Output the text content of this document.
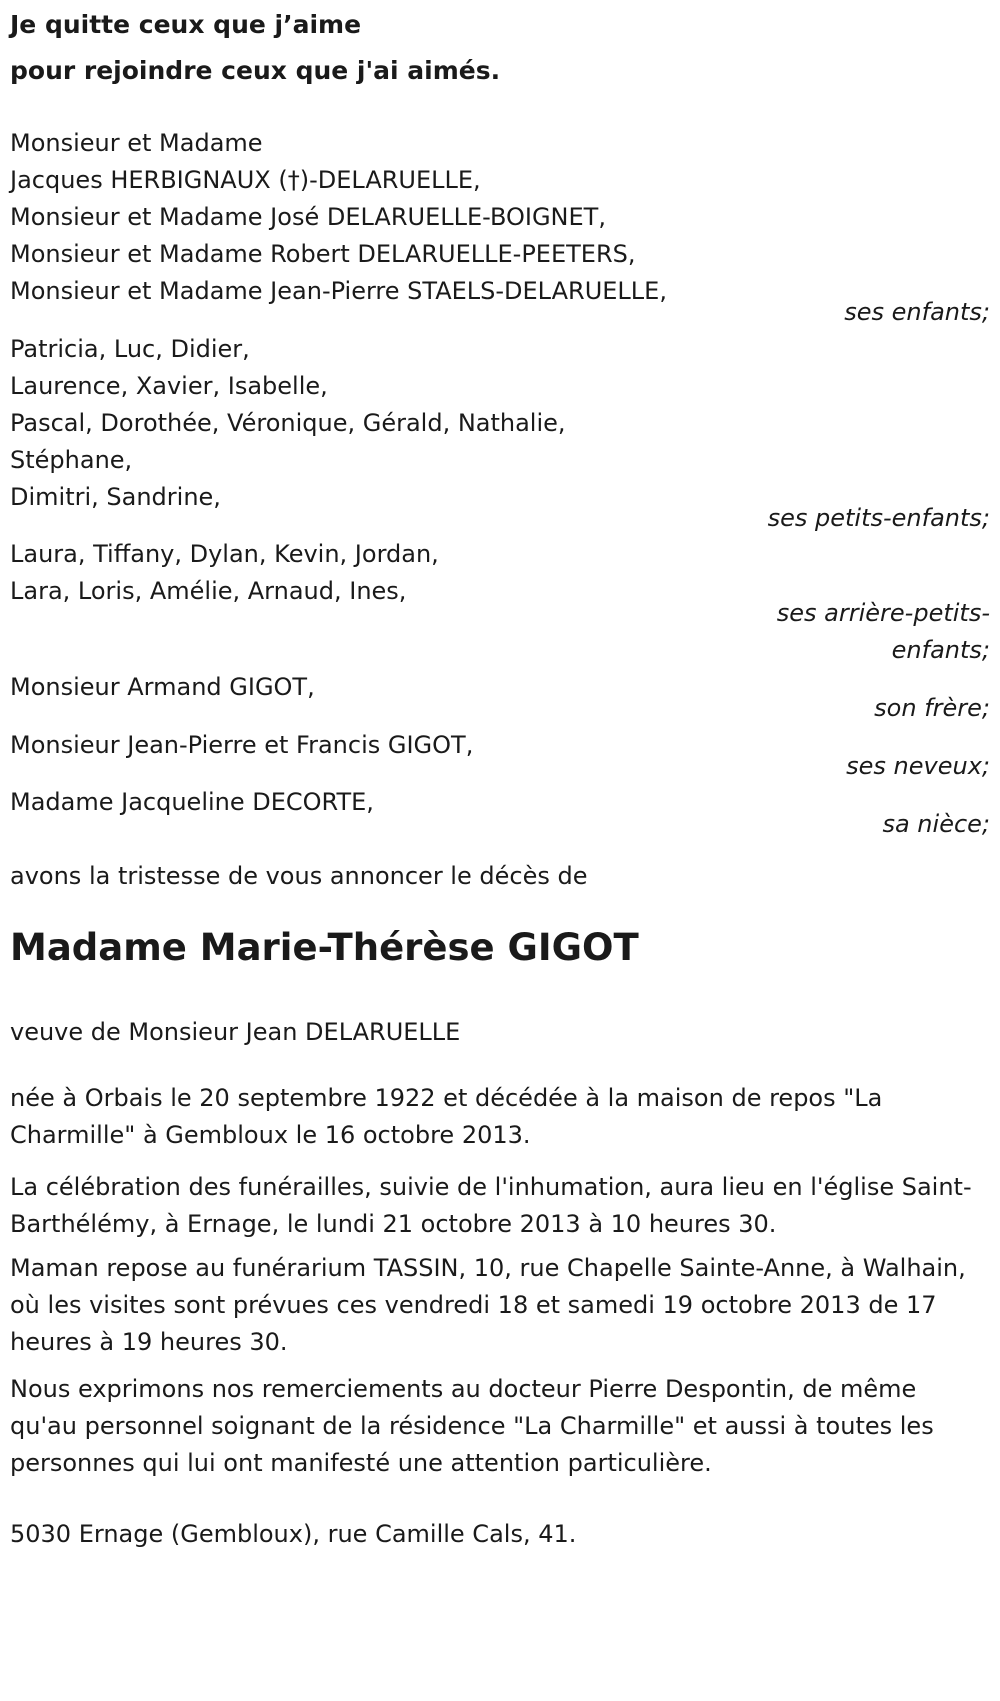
Je quitte ceux que j’aime
pour rejoindre ceux que j'ai aimés.
Monsieur et Madame
Jacques HERBIGNAUX (†)-DELARUELLE,
Monsieur et Madame José DELARUELLE-BOIGNET,
Monsieur et Madame Robert DELARUELLE-PEETERS,
Monsieur et Madame Jean-Pierre STAELS-DELARUELLE,
ses enfants;
Patricia, Luc, Didier,
Laurence, Xavier, Isabelle,
Pascal, Dorothée, Véronique, Gérald, Nathalie,
Stéphane,
Dimitri, Sandrine,
ses petits-enfants;
Laura, Tiffany, Dylan, Kevin, Jordan,
Lara, Loris, Amélie, Arnaud, Ines,
ses arrière-petits-
enfants;
Monsieur Armand GIGOT,
son frère;
Monsieur Jean-Pierre et Francis GIGOT,
ses neveux;
Madame Jacqueline DECORTE,
sa nièce;
avons la tristesse de vous annoncer le décès de
Madame Marie-Thérèse GIGOT
veuve de Monsieur Jean DELARUELLE
née à Orbais le 20 septembre 1922 et décédée à la maison de repos "La Charmille" à Gembloux le 16 octobre 2013.
La célébration des funérailles, suivie de l'inhumation, aura lieu en l'église Saint-Barthélémy, à Ernage, le lundi 21 octobre 2013 à 10 heures 30.
Maman repose au funérarium TASSIN, 10, rue Chapelle Sainte-Anne, à Walhain, où les visites sont prévues ces vendredi 18 et samedi 19 octobre 2013 de 17 heures à 19 heures 30.
Nous exprimons nos remerciements au docteur Pierre Despontin, de même qu'au personnel soignant de la résidence "La Charmille" et aussi à toutes les personnes qui lui ont manifesté une attention particulière.
5030 Ernage (Gembloux), rue Camille Cals, 41.
